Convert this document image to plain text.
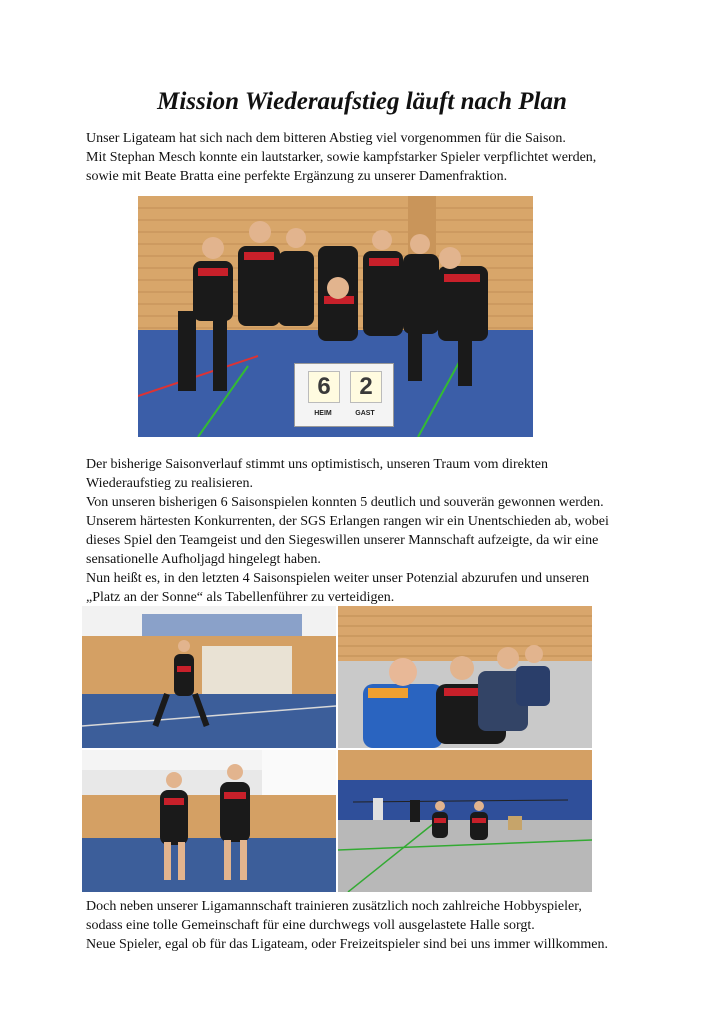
Mission Wiederaufstieg läuft nach Plan

Unser Ligateam hat sich nach dem bitteren Abstieg viel vorgenommen für die Saison.
Mit Stephan Mesch konnte ein lautstarker, sowie kampfstarker Spieler verpflichtet werden,
sowie mit Beate Bratta eine perfekte Ergänzung zu unserer Damenfraktion.

6	2
HEIM	GAST

Der bisherige Saisonverlauf stimmt uns optimistisch, unseren Traum vom direkten
Wiederaufstieg zu realisieren.
Von unseren bisherigen 6 Saisonspielen konnten 5 deutlich und souverän gewonnen werden.
Unserem härtesten Konkurrenten, der SGS Erlangen rangen wir ein Unentschieden ab, wobei
dieses Spiel den Teamgeist und den Siegeswillen unserer Mannschaft aufzeigte, da wir eine
sensationelle Aufholjagd hingelegt haben.
Nun heißt es, in den letzten 4 Saisonspielen weiter unser Potenzial abzurufen und unseren
„Platz an der Sonne“ als Tabellenführer zu verteidigen.

Doch neben unserer Ligamannschaft trainieren zusätzlich noch zahlreiche Hobbyspieler,
sodass eine tolle Gemeinschaft für eine durchwegs voll ausgelastete Halle sorgt.
Neue Spieler, egal ob für das Ligateam, oder Freizeitspieler sind bei uns immer willkommen.
